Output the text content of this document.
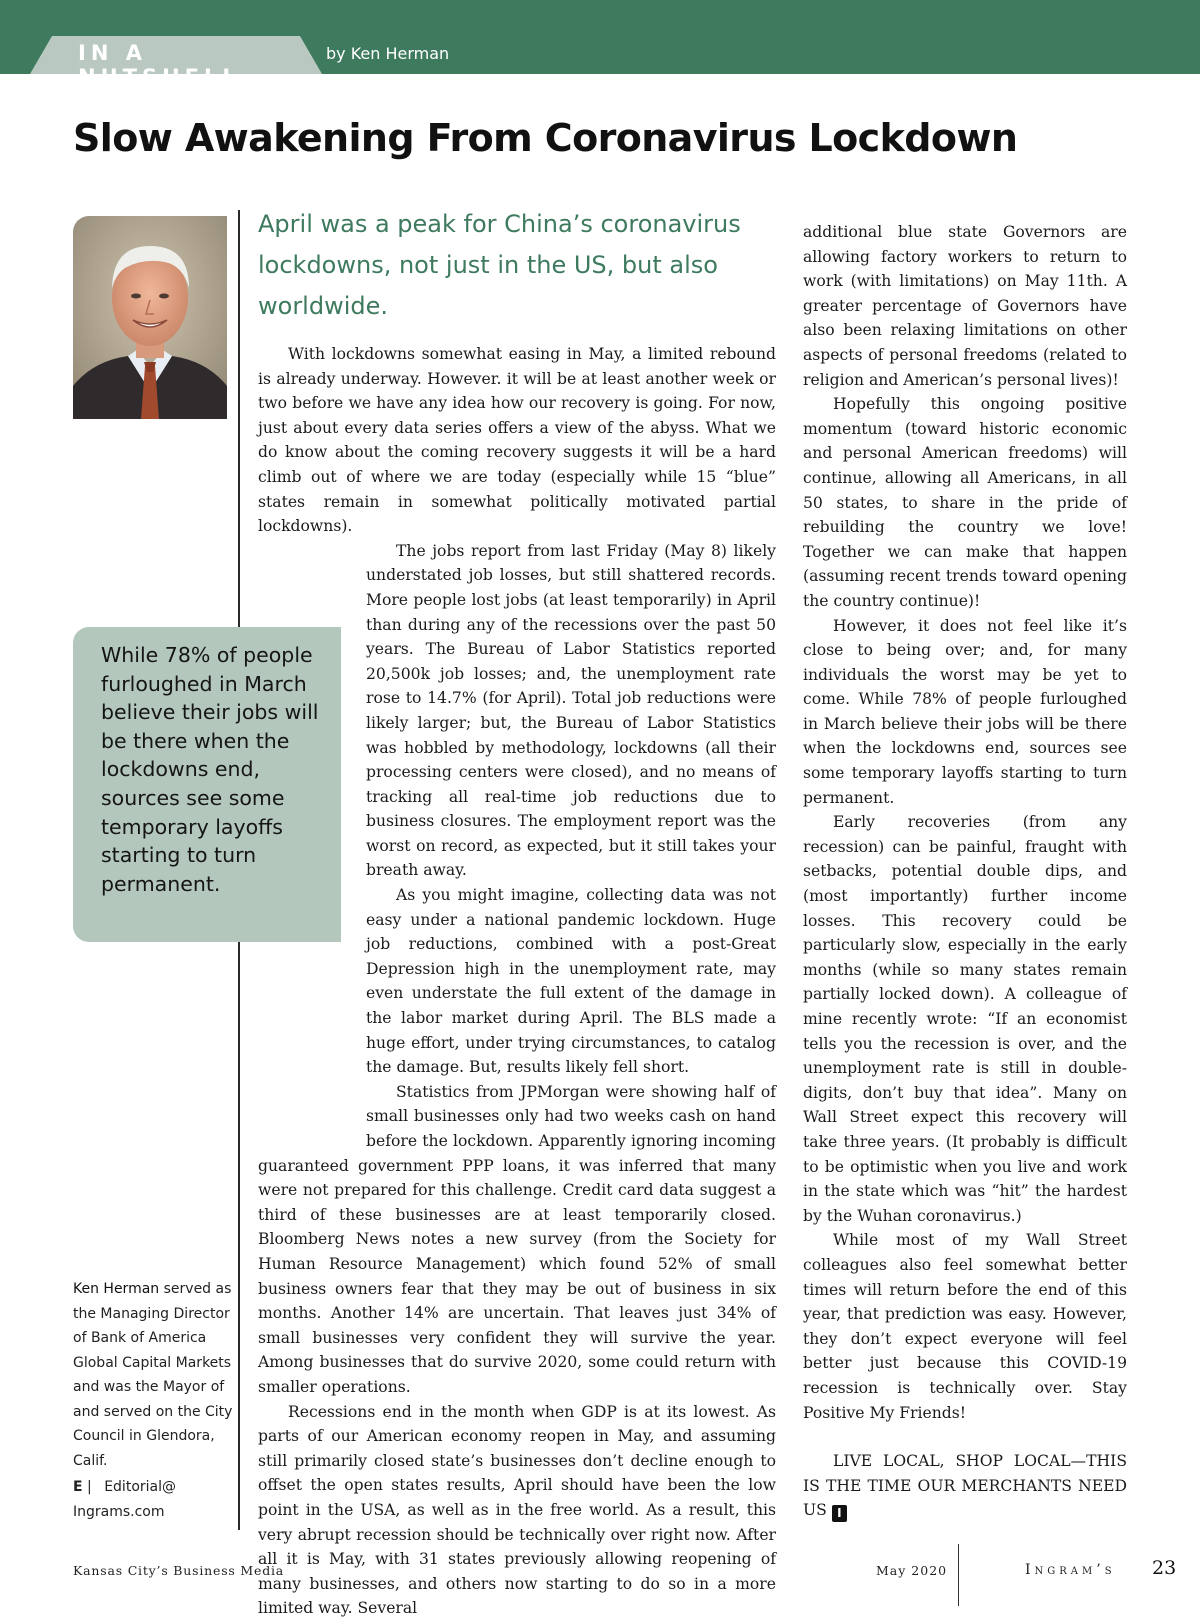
IN A NUTSHELL
by Ken Herman
Slow Awakening From Coronavirus Lockdown

While 78% of people furloughed in March believe their jobs will be there when the lockdowns end, sources see some temporary layoffs starting to turn permanent.

Ken Herman served as the Managing Director of Bank of America Global Capital Markets and was the Mayor of and served on the City Council in Glendora, Calif.
E | Editorial@ Ingrams.com

April was a peak for China’s coronavirus lockdowns, not just in the US, but also worldwide.

With lockdowns somewhat easing in May, a limited rebound is already underway. However. it will be at least another week or two before we have any idea how our recovery is going. For now, just about every data series offers a view of the abyss. What we do know about the coming recovery suggests it will be a hard climb out of where we are today (especially while 15 “blue” states remain in somewhat politically motivated partial lockdowns).

The jobs report from last Friday (May 8) likely understated job losses, but still shattered records. More people lost jobs (at least temporarily) in April than during any of the recessions over the past 50 years. The Bureau of Labor Statistics reported 20,500k job losses; and, the unemployment rate rose to 14.7% (for April). Total job reductions were likely larger; but, the Bureau of Labor Statistics was hobbled by methodology, lockdowns (all their processing centers were closed), and no means of tracking all real-time job reductions due to business closures. The employment report was the worst on record, as expected, but it still takes your breath away.

As you might imagine, collecting data was not easy under a national pandemic lockdown. Huge job reductions, combined with a post-Great Depression high in the unemployment rate, may even understate the full extent of the damage in the labor market during April. The BLS made a huge effort, under trying circumstances, to catalog the damage. But, results likely fell short.

Statistics from JPMorgan were showing half of small businesses only had two weeks cash on hand before the lockdown. Apparently ignoring incoming guaranteed government PPP loans, it was inferred that many were not prepared for this challenge. Credit card data suggest a third of these businesses are at least temporarily closed. Bloomberg News notes a new survey (from the Society for Human Resource Management) which found 52% of small business owners fear that they may be out of business in six months. Another 14% are uncertain. That leaves just 34% of small businesses very confident they will survive the year. Among businesses that do survive 2020, some could return with smaller operations.

Recessions end in the month when GDP is at its lowest. As parts of our American economy reopen in May, and assuming still primarily closed state’s businesses don’t decline enough to offset the open states results, April should have been the low point in the USA, as well as in the free world. As a result, this very abrupt recession should be technically over right now. After all it is May, with 31 states previously allowing reopening of many businesses, and others now starting to do so in a more limited way. Several

additional blue state Governors are allowing factory workers to return to work (with limitations) on May 11th. A greater percentage of Governors have also been relaxing limitations on other aspects of personal freedoms (related to religion and American’s personal lives)!

Hopefully this ongoing positive momentum (toward historic economic and personal American freedoms) will continue, allowing all Americans, in all 50 states, to share in the pride of rebuilding the country we love! Together we can make that happen (assuming recent trends toward opening the country continue)!

However, it does not feel like it’s close to being over; and, for many individuals the worst may be yet to come. While 78% of people furloughed in March believe their jobs will be there when the lockdowns end, sources see some temporary layoffs starting to turn permanent.

Early recoveries (from any recession) can be painful, fraught with setbacks, potential double dips, and (most importantly) further income losses. This recovery could be particularly slow, especially in the early months (while so many states remain partially locked down). A colleague of mine recently wrote: “If an economist tells you the recession is over, and the unemployment rate is still in double-digits, don’t buy that idea”. Many on Wall Street expect this recovery will take three years. (It probably is difficult to be optimistic when you live and work in the state which was “hit” the hardest by the Wuhan coronavirus.)

While most of my Wall Street colleagues also feel somewhat better times will return before the end of this year, that prediction was easy. However, they don’t expect everyone will feel better just because this COVID-19 recession is technically over. Stay Positive My Friends!

LIVE LOCAL, SHOP LOCAL—THIS IS THE TIME OUR MERCHANTS NEED US I

Kansas City’s Business Media	May 2020	Ingram’s 23
